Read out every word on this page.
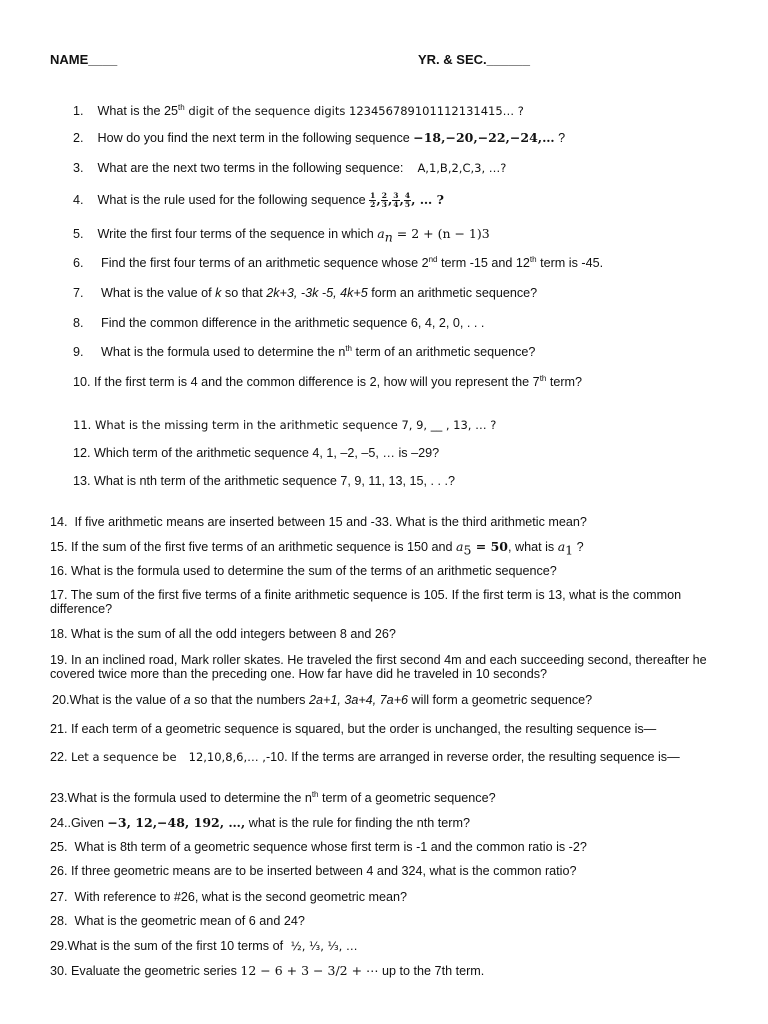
NAME____	YR. & SEC.______
1. What is the 25th digit of the sequence digits 123456789101112131415… ?
2. How do you find the next term in the following sequence −18,−20,−22,−24,… ?
3. What are the next two terms in the following sequence: A,1,B,2,C,3, …?
4. What is the rule used for the following sequence $\frac{1}{2}$ , $\frac{2}{3}$ , $\frac{3}{4}$ , $\frac{4}{5}$ , … ?
5. Write the first four terms of the sequence in which $a_n = 2 + (n - 1)3$
6. Find the first four terms of an arithmetic sequence whose 2nd term -15 and 12th term is -45.
7. What is the value of k so that 2k+3, -3k -5, 4k+5 form an arithmetic sequence?
8. Find the common difference in the arithmetic sequence 6, 4, 2, 0, . . .
9. What is the formula used to determine the $n^{th}$ term of an arithmetic sequence?
10. If the first term is 4 and the common difference is 2, how will you represent the 7th term?
11. What is the missing term in the arithmetic sequence 7, 9, __ , 13, … ?
12. Which term of the arithmetic sequence 4, 1, –2, –5, … is –29?
13. What is nth term of the arithmetic sequence 7, 9, 11, 13, 15, . . .?
14. If five arithmetic means are inserted between 15 and -33. What is the third arithmetic mean?
15. If the sum of the first five terms of an arithmetic sequence is 150 and $a_5 = 50$, what is $a_1$ ?
16. What is the formula used to determine the sum of the terms of an arithmetic sequence?
17. The sum of the first five terms of a finite arithmetic sequence is 105. If the first term is 13, what is the common difference?
18. What is the sum of all the odd integers between 8 and 26?
19. In an inclined road, Mark roller skates. He traveled the first second 4m and each succeeding second, thereafter he covered twice more than the preceding one. How far have did he traveled in 10 seconds?
20.What is the value of a so that the numbers 2a+1, 3a+4, 7a+6 will form a geometric sequence?
21. If each term of a geometric sequence is squared, but the order is unchanged, the resulting sequence is—
22. Let a sequence be 12,10,8,6,… ,-10. If the terms are arranged in reverse order, the resulting sequence is—
23.What is the formula used to determine the $n^{th}$ term of a geometric sequence?
24..Given −3, 12,−48, 192, …, what is the rule for finding the nth term?
25. What is 8th term of a geometric sequence whose first term is -1 and the common ratio is -2?
26. If three geometric means are to be inserted between 4 and 324, what is the common ratio?
27. With reference to #26, what is the second geometric mean?
28. What is the geometric mean of 6 and 24?
29.What is the sum of the first 10 terms of ½, ⅓, ⅓, …
30. Evaluate the geometric series 12 − 6 + 3 − 3/2 + ⋯ up to the 7th term.
